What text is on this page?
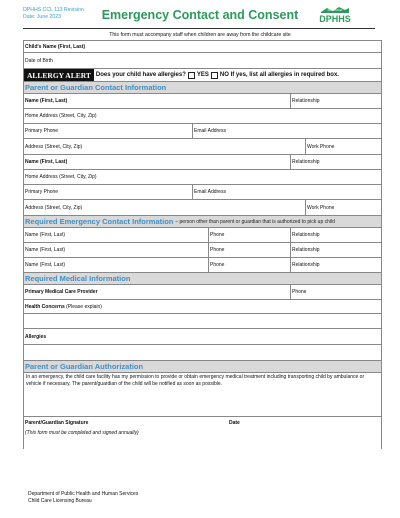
DPHHS CCL 113 Revision
Date: June 2023	Emergency Contact and Consent	MONTANA
DPHHS
This form must accompany staff when children are away from the childcare site
Child's Name (First, Last)
Date of Birth
ALLERGY ALERT Does your child have allergies? YES NO If yes, list all allergies in required box.
Parent or Guardian Contact Information
Name (First, Last)	Relationship
Home Address (Street, City, Zip)
Primary Phone	Email Address
Address (Street, City, Zip)	Work Phone
Name (First, Last)	Relationship
Home Address (Street, City, Zip)
Primary Phone	Email Address
Address (Street, City, Zip)	Work Phone
Required Emergency Contact Information – person other than parent or guardian that is authorized to pick up child
Name (First, Last)	Phone	Relationship
Name (First, Last)	Phone	Relationship
Name (First, Last)	Phone	Relationship
Required Medical Information
Primary Medical Care Provider	Phone
Health Concerns
(Please explain)
Allergies
Parent or Guardian Authorization
In an emergency, the child care facility has my permission to provide or obtain emergency medical treatment including transporting child by ambulance or vehicle if necessary. The parent/guardian of the child will be notified as soon as possible.
Parent/Guardian Signature
(This form must be completed and signed annually)
Date
Department of Public Health and Human Services
Child Care Licensing Bureau
